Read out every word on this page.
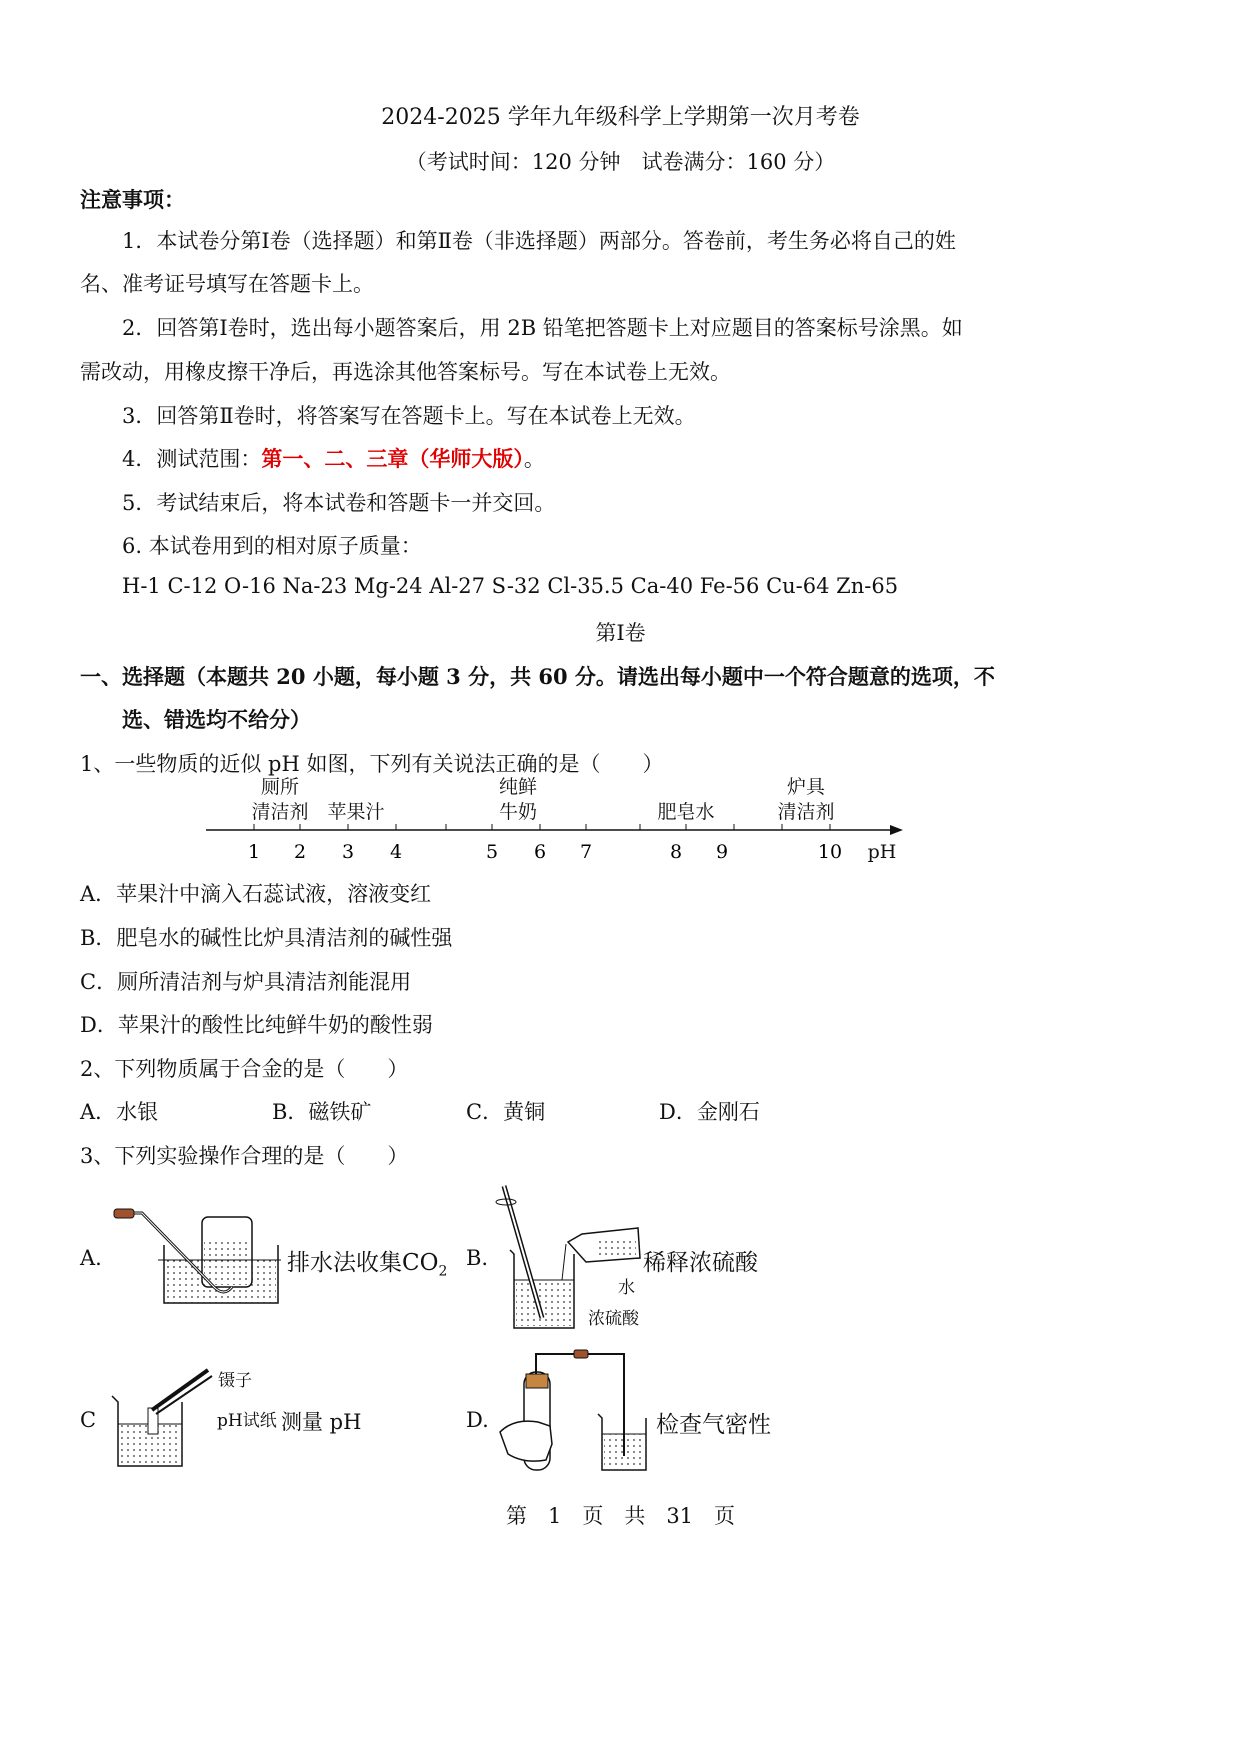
2024-2025 学年九年级科学上学期第一次月考卷
（考试时间：120 分钟　试卷满分：160 分）
注意事项：
1．本试卷分第Ⅰ卷（选择题）和第Ⅱ卷（非选择题）两部分。答卷前，考生务必将自己的姓
名、准考证号填写在答题卡上。
2．回答第Ⅰ卷时，选出每小题答案后，用 2B 铅笔把答题卡上对应题目的答案标号涂黑。如
需改动，用橡皮擦干净后，再选涂其他答案标号。写在本试卷上无效。
3．回答第Ⅱ卷时，将答案写在答题卡上。写在本试卷上无效。
4．测试范围：第一、二、三章（华师大版）。
5．考试结束后，将本试卷和答题卡一并交回。
6. 本试卷用到的相对原子质量：
H-1 C-12 O-16 Na-23 Mg-24 Al-27 S-32 Cl-35.5 Ca-40 Fe-56 Cu-64 Zn-65
第Ⅰ卷
一、选择题（本题共 20 小题，每小题 3 分，共 60 分。请选出每小题中一个符合题意的选项，不
选、错选均不给分）
1、一些物质的近似 pH 如图，下列有关说法正确的是（　　）
1 2 3 4	5 6 7	8 9	10
厕所
清洁剂 苹果汁
纯鲜
牛奶	肥皂水
炉具
清洁剂
pH
A．苹果汁中滴入石蕊试液，溶液变红
B．肥皂水的碱性比炉具清洁剂的碱性强
C．厕所清洁剂与炉具清洁剂能混用
D．苹果汁的酸性比纯鲜牛奶的酸性弱
2、下列物质属于合金的是（　　）
A．水银	B．磁铁矿	C．黄铜	D．金刚石
3、下列实验操作合理的是（　　）
A.	排水法收集$CO_2$
B.	稀释浓硫酸
水
浓硫酸
C
镊子
pH试纸 测量 pH	D.	检查气密性
第　1　页　共　31　页
